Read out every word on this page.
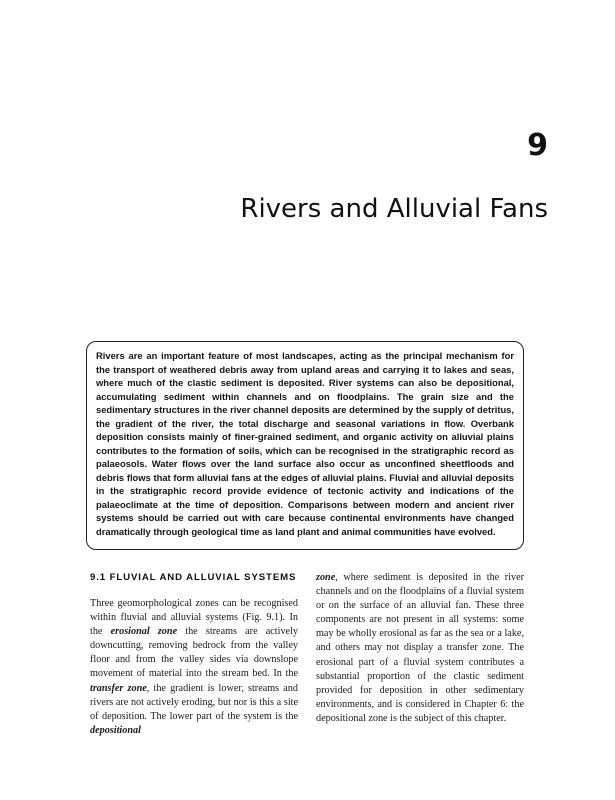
9
Rivers and Alluvial Fans

Rivers are an important feature of most landscapes, acting as the principal mechanism for the transport of weathered debris away from upland areas and carrying it to lakes and seas, where much of the clastic sediment is deposited. River systems can also be depositional, accumulating sediment within channels and on floodplains. The grain size and the sedimentary structures in the river channel deposits are determined by the supply of detritus, the gradient of the river, the total discharge and seasonal variations in flow. Overbank deposition consists mainly of finer-grained sediment, and organic activity on alluvial plains contributes to the formation of soils, which can be recognised in the stratigraphic record as palaeosols. Water flows over the land surface also occur as unconfined sheetfloods and debris flows that form alluvial fans at the edges of alluvial plains. Fluvial and alluvial deposits in the stratigraphic record provide evidence of tectonic activity and indications of the palaeoclimate at the time of deposition. Comparisons between modern and ancient river systems should be carried out with care because continental environments have changed dramatically through geological time as land plant and animal communities have evolved.

9.1 FLUVIAL AND ALLUVIAL SYSTEMS

Three geomorphological zones can be recognised within fluvial and alluvial systems (Fig. 9.1). In the erosional zone the streams are actively downcutting, removing bedrock from the valley floor and from the valley sides via downslope movement of material into the stream bed. In the transfer zone, the gradient is lower, streams and rivers are not actively eroding, but nor is this a site of deposition. The lower part of the system is the depositional

zone, where sediment is deposited in the river channels and on the floodplains of a fluvial system or on the surface of an alluvial fan. These three components are not present in all systems: some may be wholly erosional as far as the sea or a lake, and others may not display a transfer zone. The erosional part of a fluvial system contributes a substantial proportion of the clastic sediment provided for deposition in other sedimentary environments, and is considered in Chapter 6: the depositional zone is the subject of this chapter.
